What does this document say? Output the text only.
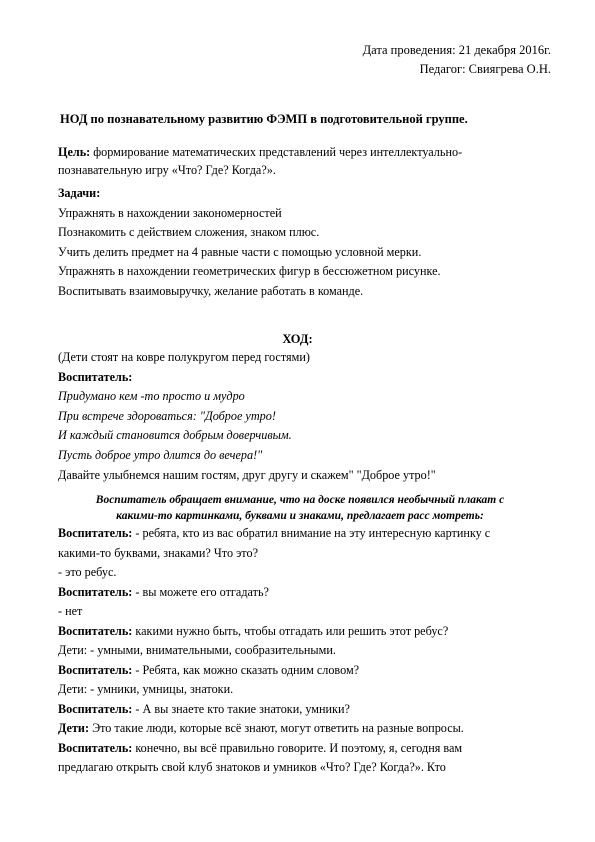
Дата проведения: 21 декабря 2016г.
Педагог: Свиягрева О.Н.
НОД по познавательному развитию ФЭМП в подготовительной группе.
Цель: формирование математических представлений через интеллектуально-
познавательную игру «Что? Где? Когда?».
Задачи:
Упражнять в нахождении закономерностей
Познакомить с действием сложения, знаком плюс.
Учить делить предмет на 4 равные части с помощью условной мерки.
Упражнять в нахождении геометрических фигур в бессюжетном рисунке.
Воспитывать взаимовыручку, желание работать в команде.
ХОД:
(Дети стоят на ковре полукругом перед гостями)
Воспитатель:
Придумано кем -то просто и мудро
При встрече здороваться: "Доброе утро!
И каждый становится добрым доверчивым.
Пусть доброе утро длится до вечера!"
Давайте улыбнемся нашим гостям, друг другу и скажем" "Доброе утро!"
Воспитатель обращает внимание, что на доске появился необычный плакат с
какими-то картинками, буквами и знаками, предлагает расс мотреть:
Воспитатель: - ребята, кто из вас обратил внимание на эту интересную картинку с
какими-то буквами, знаками? Что это?
- это ребус.
Воспитатель: - вы можете его отгадать?
- нет
Воспитатель: какими нужно быть, чтобы отгадать или решить этот ребус?
Дети: - умными, внимательными, сообразительными.
Воспитатель: - Ребята, как можно сказать одним словом?
Дети: - умники, умницы, знатоки.
Воспитатель: - А вы знаете кто такие знатоки, умники?
Дети: Это такие люди, которые всё знают, могут ответить на разные вопросы.
Воспитатель: конечно, вы всё правильно говорите. И поэтому, я, сегодня вам
предлагаю открыть свой клуб знатоков и умников «Что? Где? Когда?». Кто
